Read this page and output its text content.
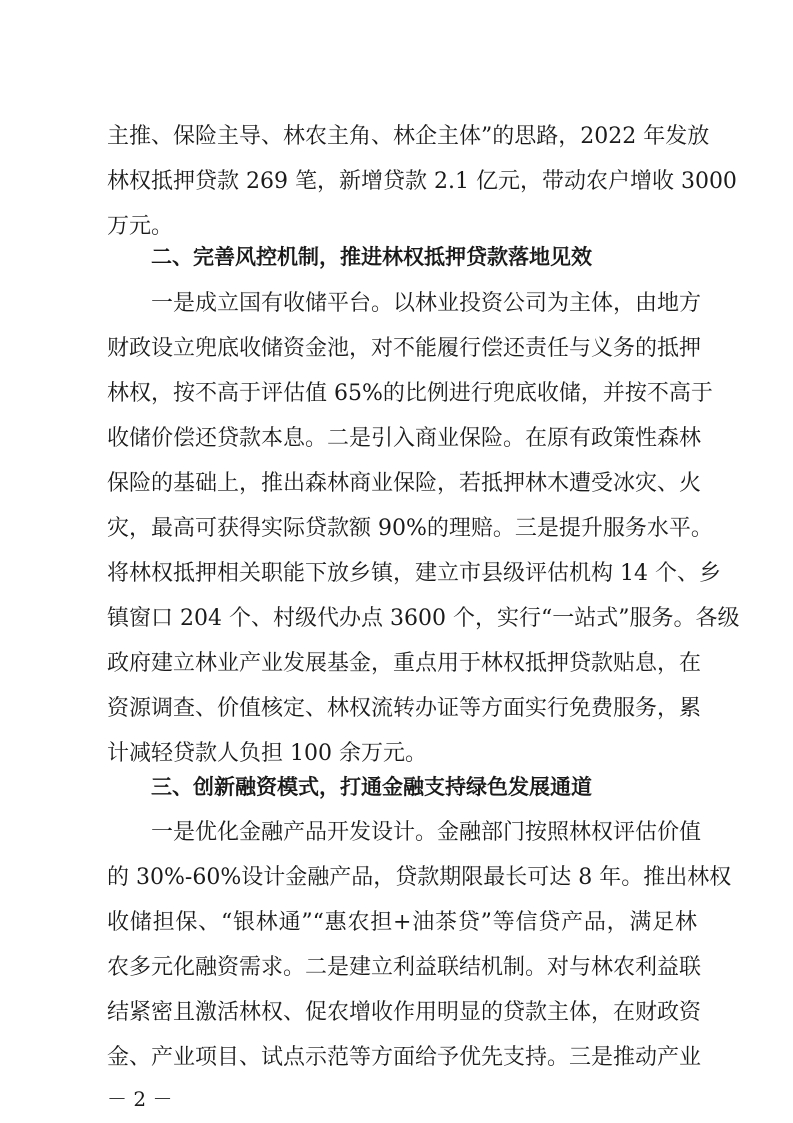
主推、保险主导、林农主角、林企主体”的思路，2022 年发放
林权抵押贷款 269 笔，新增贷款 2.1 亿元，带动农户增收 3000
万元。
二、完善风控机制，推进林权抵押贷款落地见效
一是成立国有收储平台。以林业投资公司为主体，由地方
财政设立兜底收储资金池，对不能履行偿还责任与义务的抵押
林权，按不高于评估值 65%的比例进行兜底收储，并按不高于
收储价偿还贷款本息。二是引入商业保险。在原有政策性森林
保险的基础上，推出森林商业保险，若抵押林木遭受冰灾、火
灾，最高可获得实际贷款额 90%的理赔。三是提升服务水平。
将林权抵押相关职能下放乡镇，建立市县级评估机构 14 个、乡
镇窗口 204 个、村级代办点 3600 个，实行“一站式”服务。各级
政府建立林业产业发展基金，重点用于林权抵押贷款贴息，在
资源调查、价值核定、林权流转办证等方面实行免费服务，累
计减轻贷款人负担 100 余万元。
三、创新融资模式，打通金融支持绿色发展通道
一是优化金融产品开发设计。金融部门按照林权评估价值
的 30%-60%设计金融产品，贷款期限最长可达 8 年。推出林权
收储担保、“银林通”“惠农担+油茶贷”等信贷产品，满足林
农多元化融资需求。二是建立利益联结机制。对与林农利益联
结紧密且激活林权、促农增收作用明显的贷款主体，在财政资
金、产业项目、试点示范等方面给予优先支持。三是推动产业
－ 2 －
